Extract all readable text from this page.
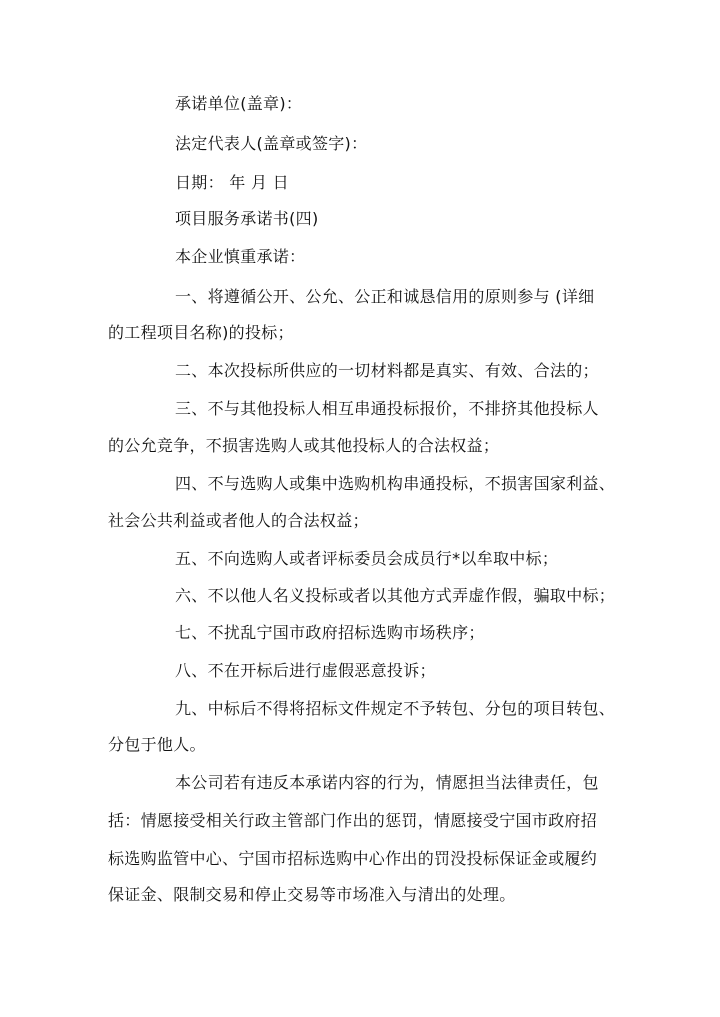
承诺单位(盖章)：
法定代表人(盖章或签字)：
日期： 年 月 日
项目服务承诺书(四)
本企业慎重承诺：
一、将遵循公开、公允、公正和诚恳信用的原则参与 (详细
的工程项目名称)的投标；
二、本次投标所供应的一切材料都是真实、有效、合法的；
三、不与其他投标人相互串通投标报价，不排挤其他投标人
的公允竞争，不损害选购人或其他投标人的合法权益；
四、不与选购人或集中选购机构串通投标，不损害国家利益、
社会公共利益或者他人的合法权益；
五、不向选购人或者评标委员会成员行*以牟取中标；
六、不以他人名义投标或者以其他方式弄虚作假，骗取中标；
七、不扰乱宁国市政府招标选购市场秩序；
八、不在开标后进行虚假恶意投诉；
九、中标后不得将招标文件规定不予转包、分包的项目转包、
分包于他人。
本公司若有违反本承诺内容的行为，情愿担当法律责任，包
括：情愿接受相关行政主管部门作出的惩罚，情愿接受宁国市政府招
标选购监管中心、宁国市招标选购中心作出的罚没投标保证金或履约
保证金、限制交易和停止交易等市场准入与清出的处理。
